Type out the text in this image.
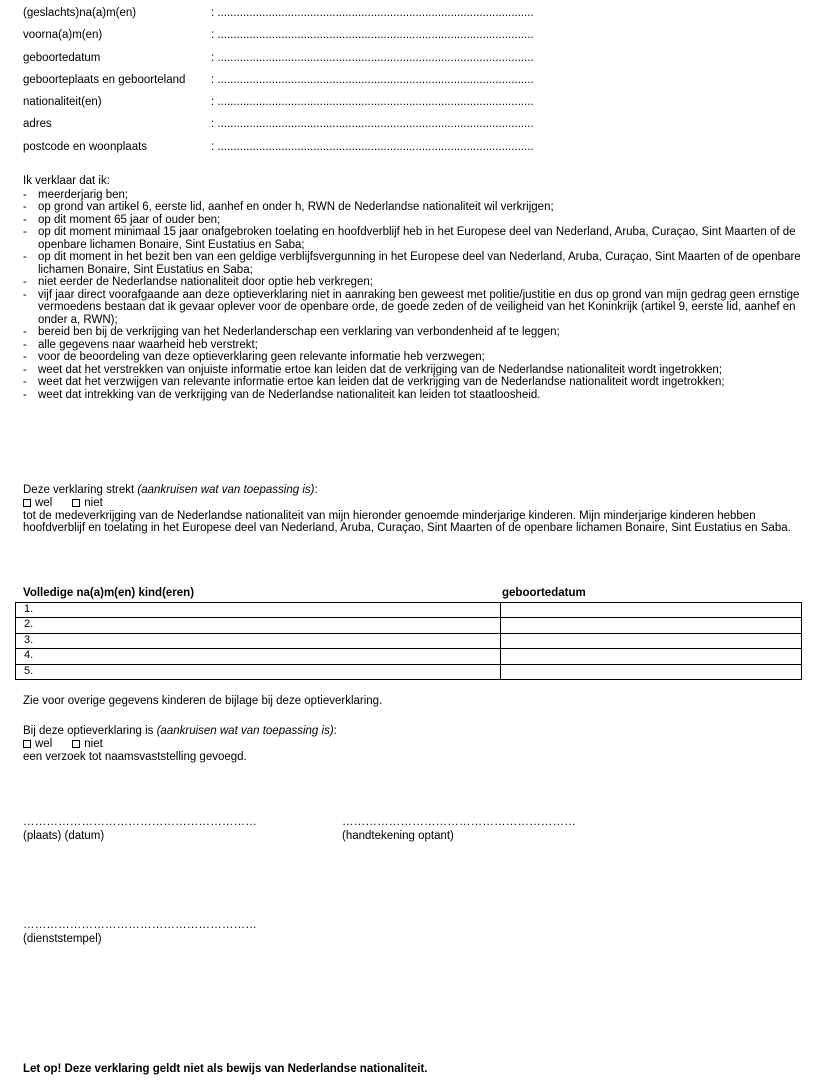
(geslachts)na(a)m(en)	: ...................................................................................................
voorna(a)m(en)	: ...................................................................................................
geboortedatum	: ...................................................................................................
geboorteplaats en geboorteland : ...................................................................................................
nationaliteit(en)	: ...................................................................................................
adres	: ...................................................................................................
postcode en woonplaats	: ...................................................................................................
Ik verklaar dat ik:
- meerderjarig ben;
- op grond van artikel 6, eerste lid, aanhef en onder h, RWN de Nederlandse nationaliteit wil verkrijgen;
- op dit moment 65 jaar of ouder ben;
- op dit moment minimaal 15 jaar onafgebroken toelating en hoofdverblijf heb in het Europese deel van Nederland, Aruba, Curaçao, Sint Maarten of de openbare lichamen Bonaire, Sint Eustatius en Saba;
- op dit moment in het bezit ben van een geldige verblijfsvergunning in het Europese deel van Nederland, Aruba, Curaçao, Sint Maarten of de openbare lichamen Bonaire, Sint Eustatius en Saba;
- niet eerder de Nederlandse nationaliteit door optie heb verkregen;
- vijf jaar direct voorafgaande aan deze optieverklaring niet in aanraking ben geweest met politie/justitie en dus op grond van mijn gedrag geen ernstige vermoedens bestaan dat ik gevaar oplever voor de openbare orde, de goede zeden of de veiligheid van het Koninkrijk (artikel 9, eerste lid, aanhef en onder a, RWN);
- bereid ben bij de verkrijging van het Nederlanderschap een verklaring van verbondenheid af te leggen;
- alle gegevens naar waarheid heb verstrekt;
- voor de beoordeling van deze optieverklaring geen relevante informatie heb verzwegen;
- weet dat het verstrekken van onjuiste informatie ertoe kan leiden dat de verkrijging van de Nederlandse nationaliteit wordt ingetrokken;
- weet dat het verzwijgen van relevante informatie ertoe kan leiden dat de verkrijging van de Nederlandse nationaliteit wordt ingetrokken;
- weet dat intrekking van de verkrijging van de Nederlandse nationaliteit kan leiden tot staatloosheid.
Deze verklaring strekt (aankruisen wat van toepassing is):
wel	niet
tot de medeverkrijging van de Nederlandse nationaliteit van mijn hieronder genoemde minderjarige kinderen. Mijn minderjarige kinderen hebben hoofdverblijf en toelating in het Europese deel van Nederland, Aruba, Curaçao, Sint Maarten of de openbare lichamen Bonaire, Sint Eustatius en Saba.
Volledige na(a)m(en) kind(eren)	geboortedatum
1.	
2.	
3.	
4.	
5.	
Zie voor overige gegevens kinderen de bijlage bij deze optieverklaring.
Bij deze optieverklaring is (aankruisen wat van toepassing is):
wel	niet
een verzoek tot naamsvaststelling gevoegd.
……………………………………………………
(plaats) (datum)
……………………………………………………
(handtekening optant)
……………………………………………………
(dienststempel)
Let op! Deze verklaring geldt niet als bewijs van Nederlandse nationaliteit.
